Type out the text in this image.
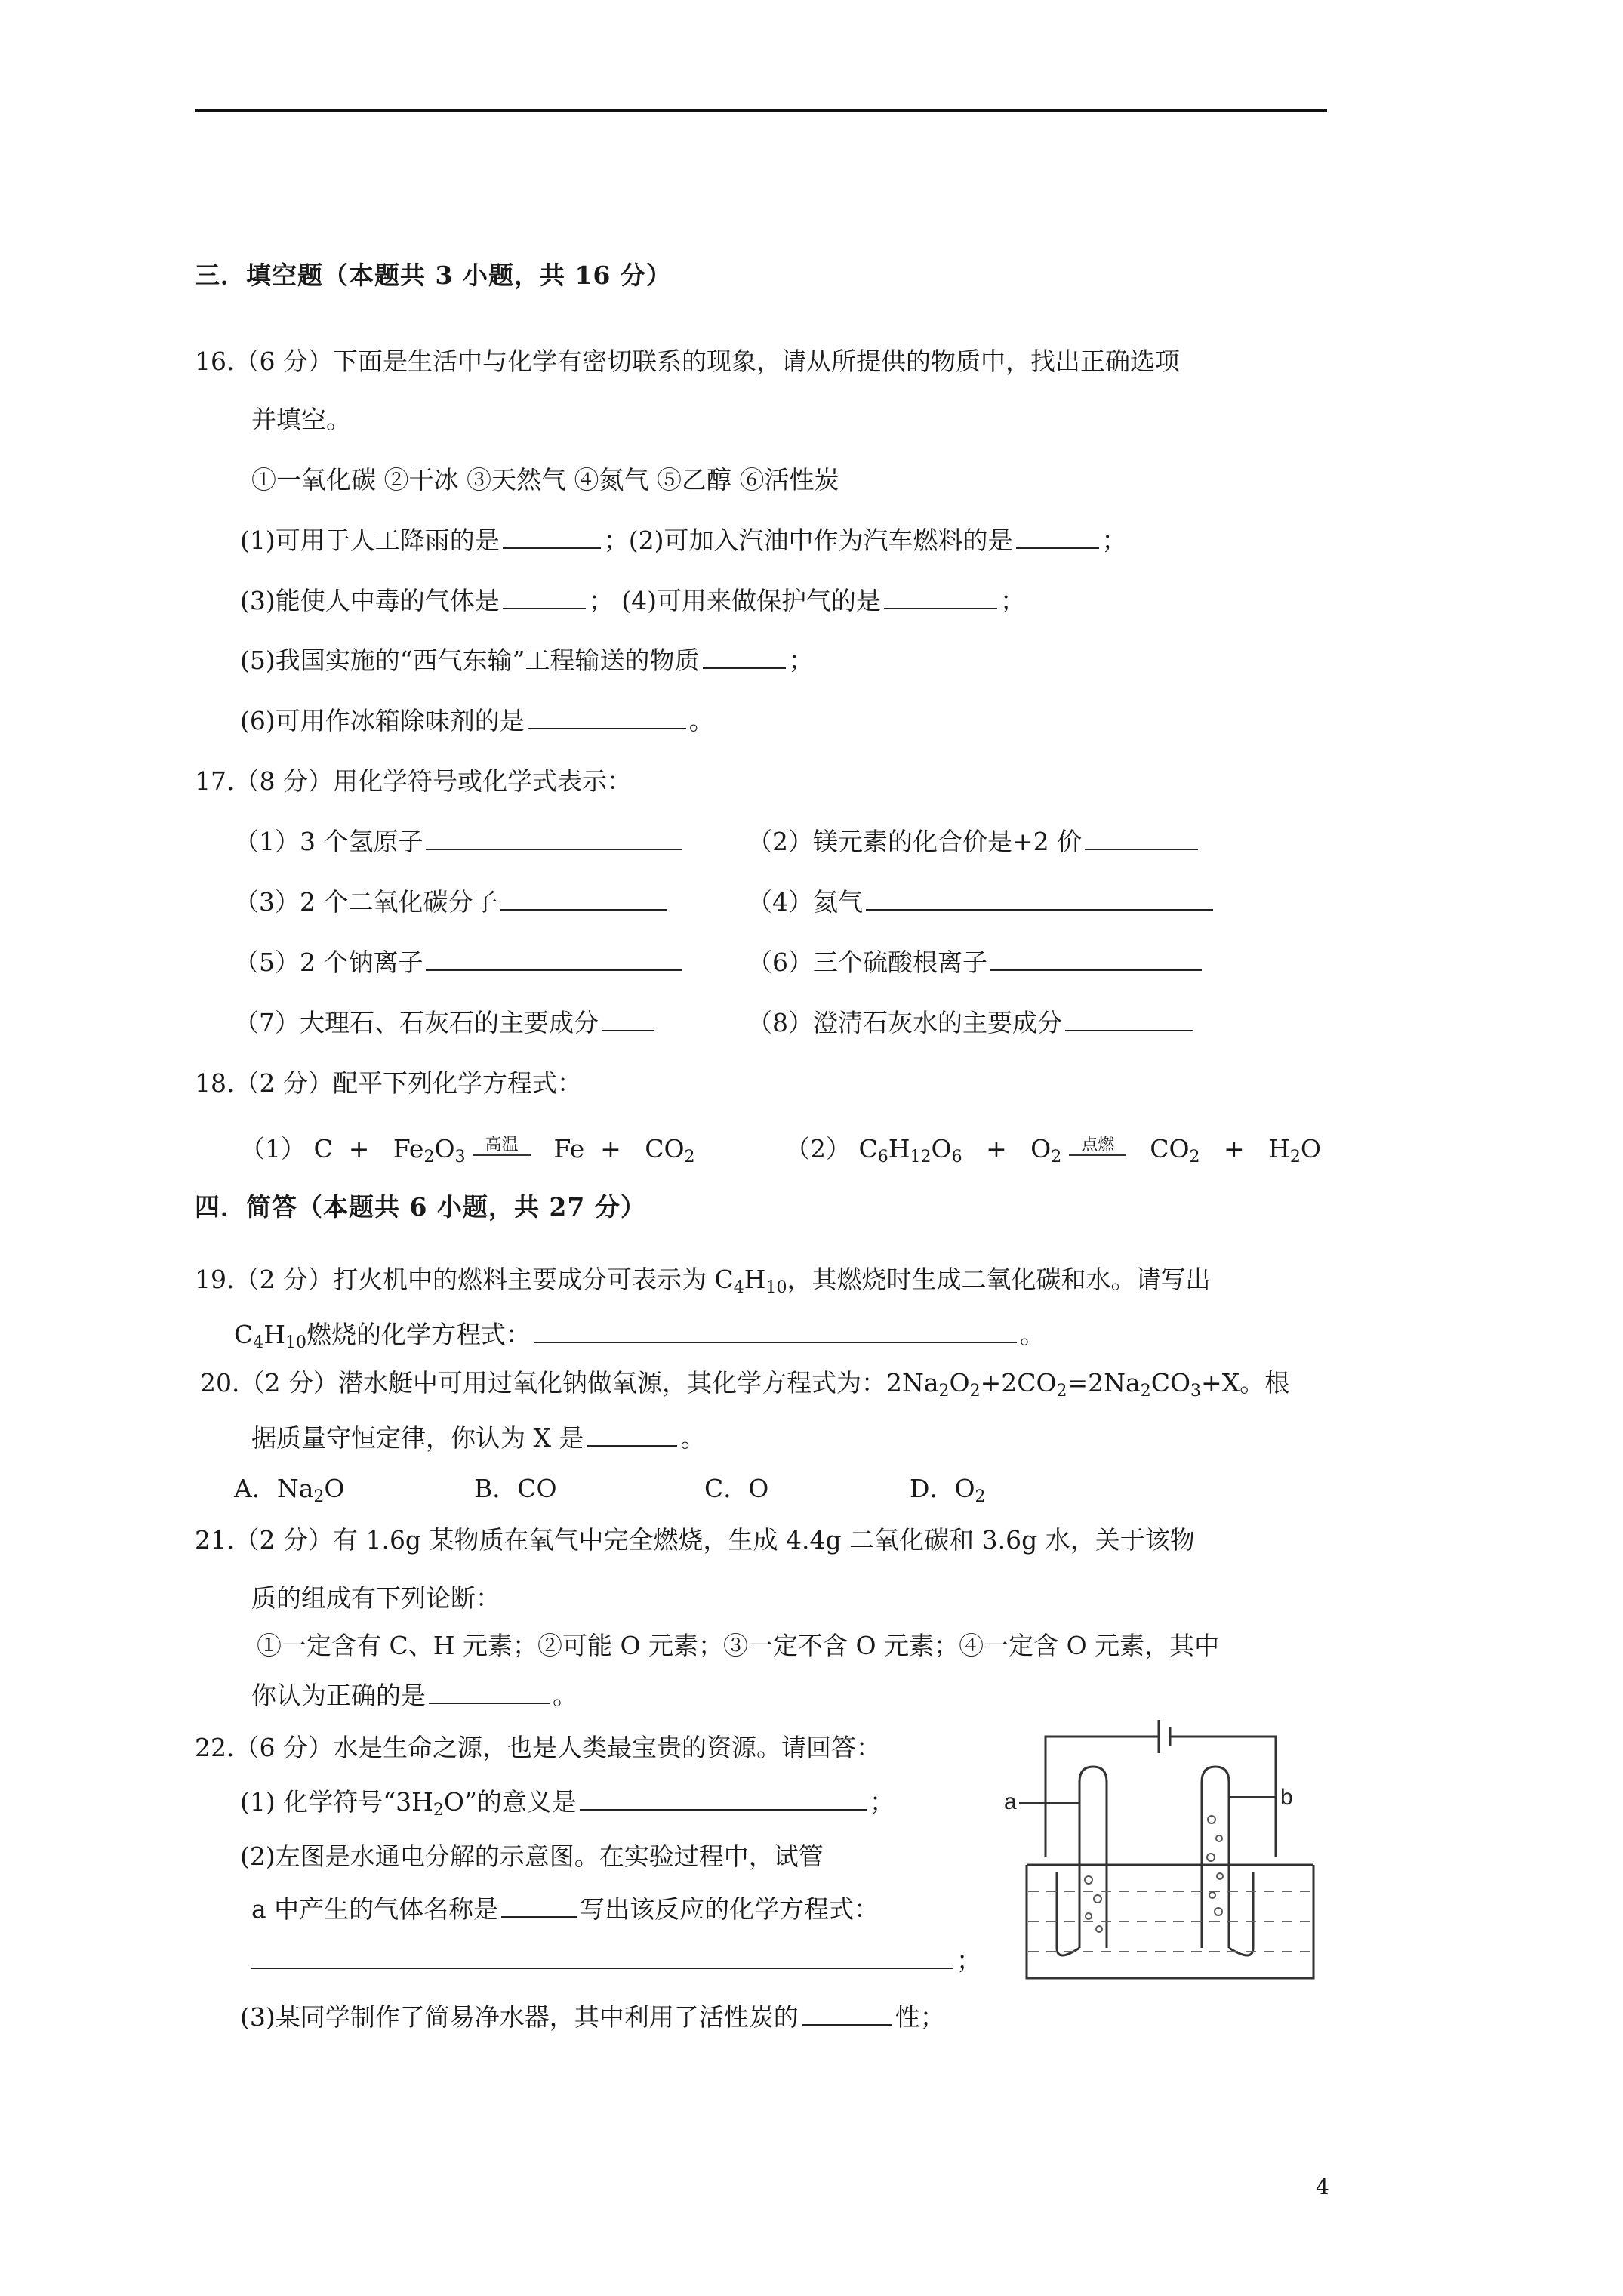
三．填空题（本题共 3 小题，共 16 分）
16.（6 分）下面是生活中与化学有密切联系的现象，请从所提供的物质中，找出正确选项
并填空。
①一氧化碳 ②干冰 ③天然气 ④氮气 ⑤乙醇 ⑥活性炭
(1)可用于人工降雨的是	；(2)可加入汽油中作为汽车燃料的是	；
(3)能使人中毒的气体是	； (4)可用来做保护气的是	；
(5)我国实施的“西气东输”工程输送的物质	；
(6)可用作冰箱除味剂的是	。
17.（8 分）用化学符号或化学式表示：
（1）3 个氢原子	（2）镁元素的化合价是+2 价
（3）2 个二氧化碳分子	（4）氦气
（5）2 个钠离子	（6）三个硫酸根离子
（7）大理石、石灰石的主要成分	（8）澄清石灰水的主要成分
18.（2 分）配平下列化学方程式：
（1） $C + Fe_2O_3$
高温 $Fe + CO_2$	（2） $C_6H_{12}O_6 + O_2$
点燃 $CO_2 + H_2O$
四．简答（本题共 6 小题，共 27 分）
19.（2 分）打火机中的燃料主要成分可表示为 $C_4H_{10}$，其燃烧时生成二氧化碳和水。请写出
$C_4H_{10}$燃烧的化学方程式：	。
20.（2 分）潜水艇中可用过氧化钠做氧源，其化学方程式为：$2Na_2O_2+2CO_2=2Na_2CO_3+X$。根
据质量守恒定律，你认为 X 是	。
A．$Na_2O$	B．CO	C．O	D．$O_2$
21.（2 分）有 1.6g 某物质在氧气中完全燃烧，生成 4.4g 二氧化碳和 3.6g 水，关于该物
质的组成有下列论断：
①一定含有 C、H 元素；②可能 O 元素；③一定不含 O 元素；④一定含 O 元素，其中
你认为正确的是	。
22.（6 分）水是生命之源，也是人类最宝贵的资源。请回答：
(1) 化学符号“$3H_2O$”的意义是	；
(2)左图是水通电分解的示意图。在实验过程中，试管
a 中产生的气体名称是	写出该反应的化学方程式：
；
(3)某同学制作了简易净水器，其中利用了活性炭的	性；
a	b
4
